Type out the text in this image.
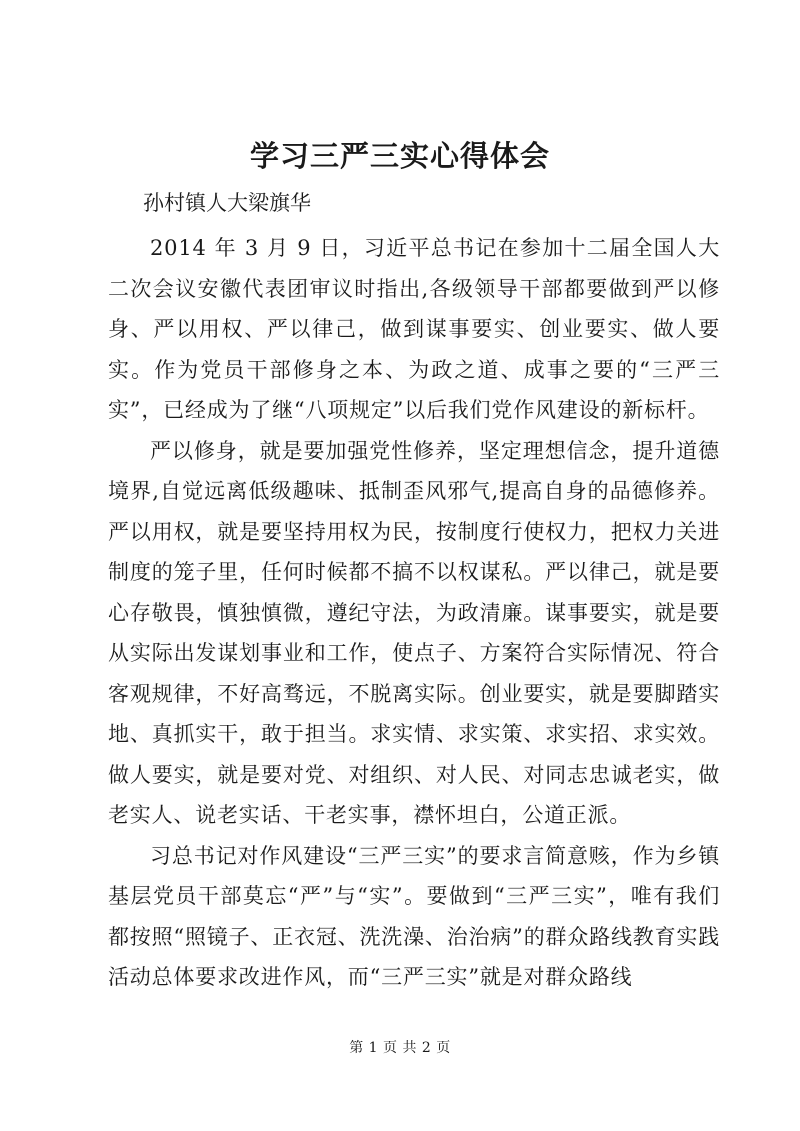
学习三严三实心得体会

孙村镇人大梁旗华

2014 年 3 月 9 日，习近平总书记在参加十二届全国人大二次会议安徽代表团审议时指出,各级领导干部都要做到严以修身、严以用权、严以律己，做到谋事要实、创业要实、做人要实。作为党员干部修身之本、为政之道、成事之要的“三严三实”，已经成为了继“八项规定”以后我们党作风建设的新标杆。

严以修身，就是要加强党性修养，坚定理想信念，提升道德境界,自觉远离低级趣味、抵制歪风邪气,提高自身的品德修养。严以用权，就是要坚持用权为民，按制度行使权力，把权力关进制度的笼子里，任何时候都不搞不以权谋私。严以律己，就是要心存敬畏，慎独慎微，遵纪守法，为政清廉。谋事要实，就是要从实际出发谋划事业和工作，使点子、方案符合实际情况、符合客观规律，不好高骛远，不脱离实际。创业要实，就是要脚踏实地、真抓实干，敢于担当。求实情、求实策、求实招、求实效。做人要实，就是要对党、对组织、对人民、对同志忠诚老实，做老实人、说老实话、干老实事，襟怀坦白，公道正派。

习总书记对作风建设“三严三实”的要求言简意赅，作为乡镇基层党员干部莫忘“严”与“实”。要做到“三严三实”，唯有我们都按照“照镜子、正衣冠、洗洗澡、治治病”的群众路线教育实践活动总体要求改进作风，而“三严三实”就是对群众路线

第 1 页 共 2 页
